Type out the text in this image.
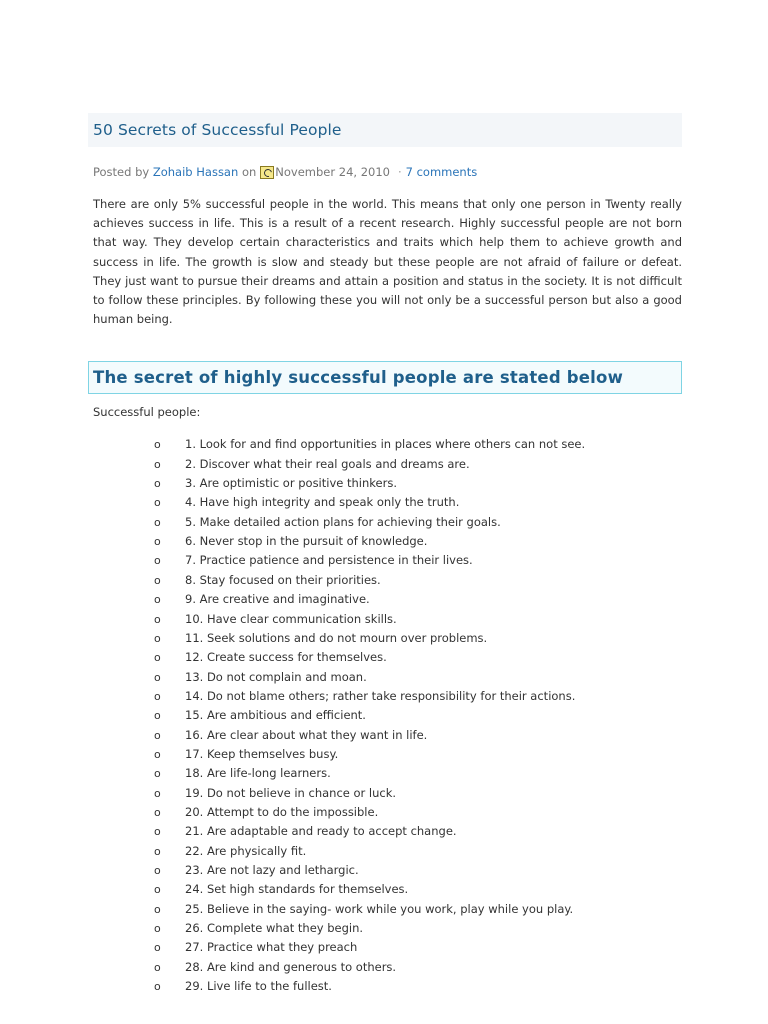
50 Secrets of Successful People
Posted by
Zohaib Hassan
on November 24, 2010 · 7 comments

There are only 5% successful people in the world. This means that only one person in Twenty really achieves success in life. This is a result of a recent research. Highly successful people are not born that way. They develop certain characteristics and traits which help them to achieve growth and success in life. The growth is slow and steady but these people are not afraid of failure or defeat. They just want to pursue their dreams and attain a position and status in the society. It is not difficult to follow these principles. By following these you will not only be a successful person but also a good human being.

The secret of highly successful people are stated below
Successful people:
o 1. Look for and find opportunities in places where others can not see.
o 2. Discover what their real goals and dreams are.
o 3. Are optimistic or positive thinkers.
o 4. Have high integrity and speak only the truth.
o 5. Make detailed action plans for achieving their goals.
o 6. Never stop in the pursuit of knowledge.
o 7. Practice patience and persistence in their lives.
o 8. Stay focused on their priorities.
o 9. Are creative and imaginative.
o 10. Have clear communication skills.
o 11. Seek solutions and do not mourn over problems.
o 12. Create success for themselves.
o 13. Do not complain and moan.
o 14. Do not blame others; rather take responsibility for their actions.
o 15. Are ambitious and efficient.
o 16. Are clear about what they want in life.
o 17. Keep themselves busy.
o 18. Are life-long learners.
o 19. Do not believe in chance or luck.
o 20. Attempt to do the impossible.
o 21. Are adaptable and ready to accept change.
o 22. Are physically fit.
o 23. Are not lazy and lethargic.
o 24. Set high standards for themselves.
o 25. Believe in the saying- work while you work, play while you play.
o 26. Complete what they begin.
o 27. Practice what they preach
o 28. Are kind and generous to others.
o 29. Live life to the fullest.
